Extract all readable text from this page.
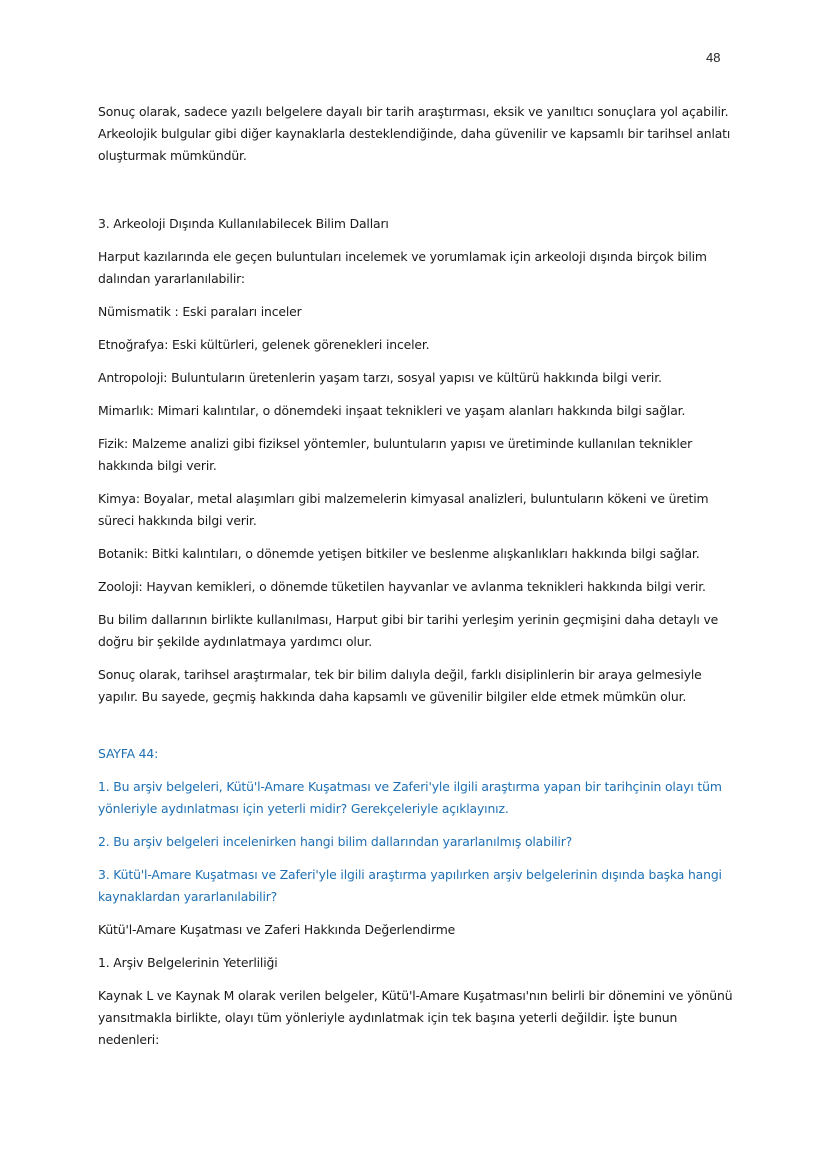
48

Sonuç olarak, sadece yazılı belgelere dayalı bir tarih araştırması, eksik ve yanıltıcı sonuçlara yol açabilir. Arkeolojik bulgular gibi diğer kaynaklarla desteklendiğinde, daha güvenilir ve kapsamlı bir tarihsel anlatı oluşturmak mümkündür.

3. Arkeoloji Dışında Kullanılabilecek Bilim Dalları

Harput kazılarında ele geçen buluntuları incelemek ve yorumlamak için arkeoloji dışında birçok bilim dalından yararlanılabilir:

Nümismatik : Eski paraları inceler

Etnoğrafya: Eski kültürleri, gelenek görenekleri inceler.

Antropoloji: Buluntuların üretenlerin yaşam tarzı, sosyal yapısı ve kültürü hakkında bilgi verir.

Mimarlık: Mimari kalıntılar, o dönemdeki inşaat teknikleri ve yaşam alanları hakkında bilgi sağlar.

Fizik: Malzeme analizi gibi fiziksel yöntemler, buluntuların yapısı ve üretiminde kullanılan teknikler hakkında bilgi verir.

Kimya: Boyalar, metal alaşımları gibi malzemelerin kimyasal analizleri, buluntuların kökeni ve üretim süreci hakkında bilgi verir.

Botanik: Bitki kalıntıları, o dönemde yetişen bitkiler ve beslenme alışkanlıkları hakkında bilgi sağlar.

Zooloji: Hayvan kemikleri, o dönemde tüketilen hayvanlar ve avlanma teknikleri hakkında bilgi verir.

Bu bilim dallarının birlikte kullanılması, Harput gibi bir tarihi yerleşim yerinin geçmişini daha detaylı ve doğru bir şekilde aydınlatmaya yardımcı olur.

Sonuç olarak, tarihsel araştırmalar, tek bir bilim dalıyla değil, farklı disiplinlerin bir araya gelmesiyle yapılır. Bu sayede, geçmiş hakkında daha kapsamlı ve güvenilir bilgiler elde etmek mümkün olur.

SAYFA 44:

1. Bu arşiv belgeleri, Kütü'l-Amare Kuşatması ve Zaferi'yle ilgili araştırma yapan bir tarihçinin olayı tüm yönleriyle aydınlatması için yeterli midir? Gerekçeleriyle açıklayınız.

2. Bu arşiv belgeleri incelenirken hangi bilim dallarından yararlanılmış olabilir?

3. Kütü'l-Amare Kuşatması ve Zaferi'yle ilgili araştırma yapılırken arşiv belgelerinin dışında başka hangi kaynaklardan yararlanılabilir?

Kütü'l-Amare Kuşatması ve Zaferi Hakkında Değerlendirme

1. Arşiv Belgelerinin Yeterliliği

Kaynak L ve Kaynak M olarak verilen belgeler, Kütü'l-Amare Kuşatması'nın belirli bir dönemini ve yönünü yansıtmakla birlikte, olayı tüm yönleriyle aydınlatmak için tek başına yeterli değildir. İşte bunun nedenleri:
